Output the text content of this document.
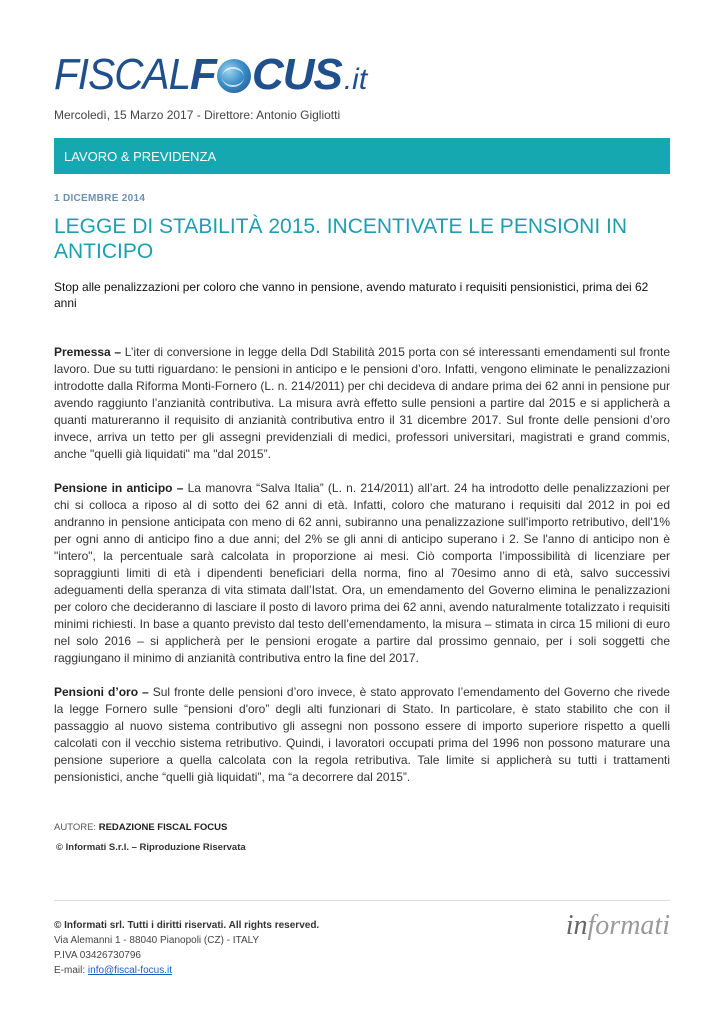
FISCAL F CUS .it
Mercoledì, 15 Marzo 2017 - Direttore: Antonio Gigliotti
LAVORO & PREVIDENZA
1 DICEMBRE 2014
LEGGE DI STABILITÀ 2015. INCENTIVATE LE PENSIONI IN ANTICIPO
Stop alle penalizzazioni per coloro che vanno in pensione, avendo maturato i requisiti pensionistici, prima dei 62 anni

Premessa – L’iter di conversione in legge della Ddl Stabilità 2015 porta con sé interessanti emendamenti sul fronte lavoro. Due su tutti riguardano: le pensioni in anticipo e le pensioni d’oro. Infatti, vengono eliminate le penalizzazioni introdotte dalla Riforma Monti-Fornero (L. n. 214/2011) per chi decideva di andare prima dei 62 anni in pensione pur avendo raggiunto l’anzianità contributiva. La misura avrà effetto sulle pensioni a partire dal 2015 e si applicherà a quanti matureranno il requisito di anzianità contributiva entro il 31 dicembre 2017. Sul fronte delle pensioni d’oro invece, arriva un tetto per gli assegni previdenziali di medici, professori universitari, magistrati e grand commis, anche "quelli già liquidati" ma "dal 2015”.

Pensione in anticipo – La manovra “Salva Italia” (L. n. 214/2011) all’art. 24 ha introdotto delle penalizzazioni per chi si colloca a riposo al di sotto dei 62 anni di età. Infatti, coloro che maturano i requisiti dal 2012 in poi ed andranno in pensione anticipata con meno di 62 anni, subiranno una penalizzazione sull'importo retributivo, dell'1% per ogni anno di anticipo fino a due anni; del 2% se gli anni di anticipo superano i 2. Se l'anno di anticipo non è "intero", la percentuale sarà calcolata in proporzione ai mesi. Ciò comporta l’impossibilità di licenziare per sopraggiunti limiti di età i dipendenti beneficiari della norma, fino al 70esimo anno di età, salvo successivi adeguamenti della speranza di vita stimata dall’Istat. Ora, un emendamento del Governo elimina le penalizzazioni per coloro che decideranno di lasciare il posto di lavoro prima dei 62 anni, avendo naturalmente totalizzato i requisiti minimi richiesti. In base a quanto previsto dal testo dell’emendamento, la misura – stimata in circa 15 milioni di euro nel solo 2016 – si applicherà per le pensioni erogate a partire dal prossimo gennaio, per i soli soggetti che raggiungano il minimo di anzianità contributiva entro la fine del 2017.

Pensioni d’oro – Sul fronte delle pensioni d’oro invece, è stato approvato l’emendamento del Governo che rivede la legge Fornero sulle “pensioni d'oro” degli alti funzionari di Stato. In particolare, è stato stabilito che con il passaggio al nuovo sistema contributivo gli assegni non possono essere di importo superiore rispetto a quelli calcolati con il vecchio sistema retributivo. Quindi, i lavoratori occupati prima del 1996 non possono maturare una pensione superiore a quella calcolata con la regola retributiva. Tale limite si applicherà su tutti i trattamenti pensionistici, anche “quelli già liquidati”, ma “a decorrere dal 2015”.

AUTORE: REDAZIONE FISCAL FOCUS
© Informati S.r.l. – Riproduzione Riservata
© Informati srl. Tutti i diritti riservati. All rights reserved.
Via Alemanni 1 - 88040 Pianopoli (CZ) - ITALY
P.IVA 03426730796
E-mail: info@fiscal-focus.it
informati
